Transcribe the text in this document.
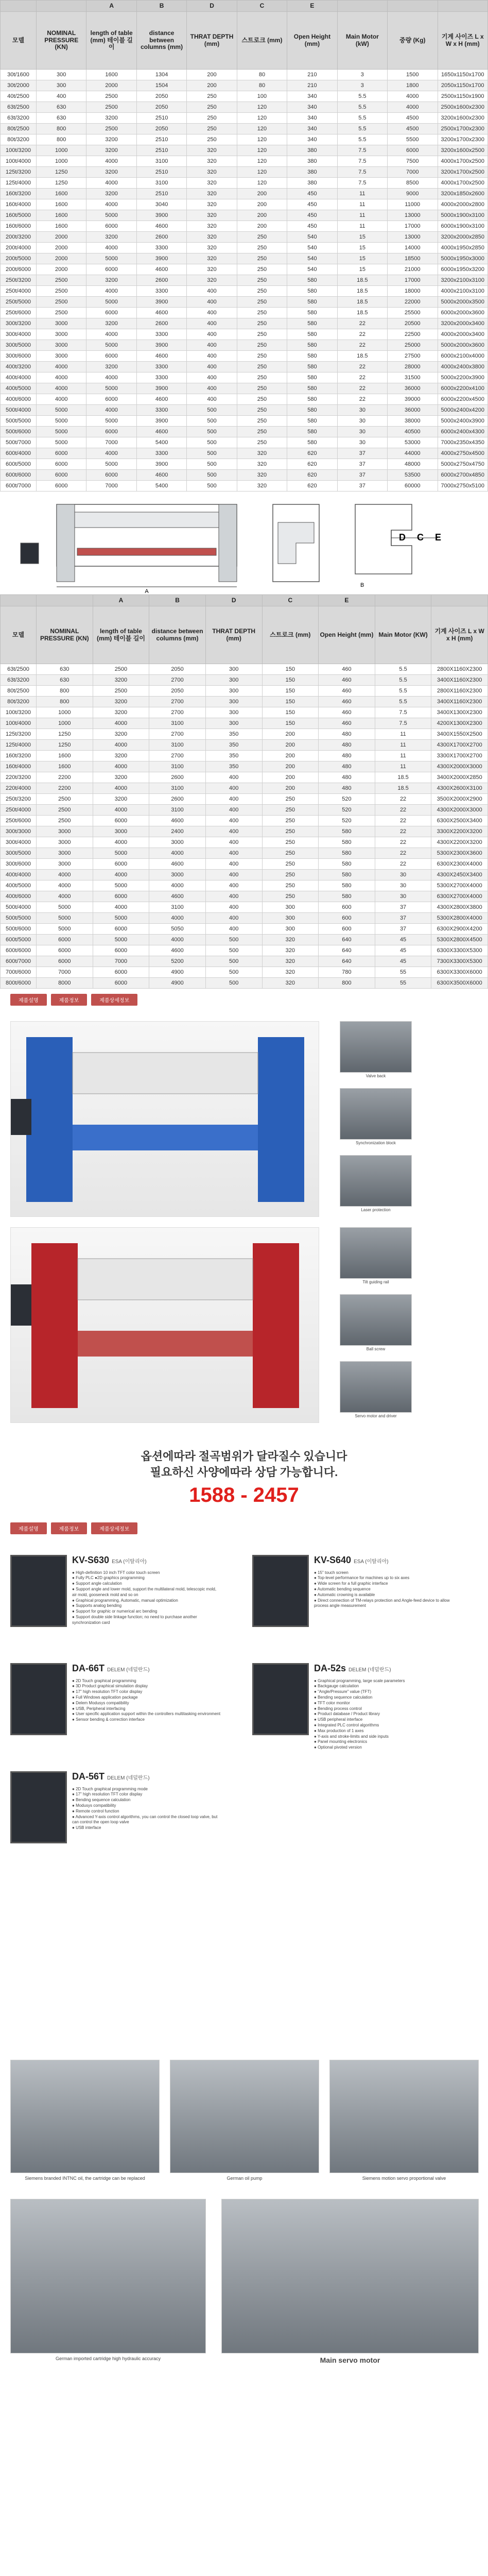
		A	B	D	C	E			
모델	NOMINAL PRESSURE (KN)	length of table (mm) 테이블 길이	distance between columns (mm)	THRAT DEPTH (mm)	스트로크 (mm)	Open Height (mm)	Main Motor (kW)	중량 (Kg)	기계 사이즈 L x W x H (mm)
30t/1600	300	1600	1304	200	80	210	3	1500	1650x1150x1700
30t/2000	300	2000	1504	200	80	210	3	1800	2050x1150x1700
40t/2500	400	2500	2050	250	100	340	5.5	4000	2500x1150x1900
63t/2500	630	2500	2050	250	120	340	5.5	4000	2500x1600x2300
63t/3200	630	3200	2510	250	120	340	5.5	4500	3200x1600x2300
80t/2500	800	2500	2050	250	120	340	5.5	4500	2500x1700x2300
80t/3200	800	3200	2510	250	120	340	5.5	5500	3200x1700x2300
100t/3200	1000	3200	2510	320	120	380	7.5	6000	3200x1600x2500
100t/4000	1000	4000	3100	320	120	380	7.5	7500	4000x1700x2500
125t/3200	1250	3200	2510	320	120	380	7.5	7000	3200x1700x2500
125t/4000	1250	4000	3100	320	120	380	7.5	8500	4000x1700x2500
160t/3200	1600	3200	2510	320	200	450	11	9000	3200x1850x2600
160t/4000	1600	4000	3040	320	200	450	11	11000	4000x2000x2800
160t/5000	1600	5000	3900	320	200	450	11	13000	5000x1900x3100
160t/6000	1600	6000	4600	320	200	450	11	17000	6000x1900x3100
200t/3200	2000	3200	2600	320	250	540	15	13000	3200x2000x2850
200t/4000	2000	4000	3300	320	250	540	15	14000	4000x1950x2850
200t/5000	2000	5000	3900	320	250	540	15	18500	5000x1950x3000
200t/6000	2000	6000	4600	320	250	540	15	21000	6000x1950x3200
250t/3200	2500	3200	2600	320	250	580	18.5	17000	3200x2100x3100
250t/4000	2500	4000	3300	400	250	580	18.5	18000	4000x2100x3100
250t/5000	2500	5000	3900	400	250	580	18.5	22000	5000x2000x3500
250t/6000	2500	6000	4600	400	250	580	18.5	25500	6000x2000x3600
300t/3200	3000	3200	2600	400	250	580	22	20500	3200x2000x3400
300t/4000	3000	4000	3300	400	250	580	22	22500	4000x2000x3400
300t/5000	3000	5000	3900	400	250	580	22	25000	5000x2000x3600
300t/6000	3000	6000	4600	400	250	580	18.5	27500	6000x2100x4000
400t/3200	4000	3200	3300	400	250	580	22	28000	4000x2400x3800
400t/4000	4000	4000	3300	400	250	580	22	31500	5000x2200x3900
400t/5000	4000	5000	3900	400	250	580	22	36000	6000x2200x4100
400t/6000	4000	6000	4600	400	250	580	22	39000	6000x2200x4500
500t/4000	5000	4000	3300	500	250	580	30	36000	5000x2400x4200
500t/5000	5000	5000	3900	500	250	580	30	38000	5000x2400x3900
500t/6000	5000	6000	4600	500	250	580	30	40500	6000x2400x4300
500t/7000	5000	7000	5400	500	250	580	30	53000	7000x2350x4350
600t/4000	6000	4000	3300	500	320	620	37	44000	4000x2750x4500
600t/5000	6000	5000	3900	500	320	620	37	48000	5000x2750x4750
600t/6000	6000	6000	4600	500	320	620	37	53500	6000x2700x4850
600t/7000	6000	7000	5400	500	320	620	37	60000	7000x2750x5100
A
D C E
B
		A	B	D	C	E		
모델	NOMINAL PRESSURE (KN)	length of table (mm) 테이블 길이	distance between columns (mm)	THRAT DEPTH (mm)	스트로크 (mm)	Open Height (mm)	Main Motor (KW)	기계 사이즈 L x W x H (mm)
63t/2500	630	2500	2050	300	150	460	5.5	2800X1160X2300
63t/3200	630	3200	2700	300	150	460	5.5	3400X1160X2300
80t/2500	800	2500	2050	300	150	460	5.5	2800X1160X2300
80t/3200	800	3200	2700	300	150	460	5.5	3400X1160X2300
100t/3200	1000	3200	2700	300	150	460	7.5	3400X1300X2300
100t/4000	1000	4000	3100	300	150	460	7.5	4200X1300X2300
125t/3200	1250	3200	2700	350	200	480	11	3400X1550X2500
125t/4000	1250	4000	3100	350	200	480	11	4300X1700X2700
160t/3200	1600	3200	2700	350	200	480	11	3300X1700X2700
160t/4000	1600	4000	3100	350	200	480	11	4300X2000X3000
220t/3200	2200	3200	2600	400	200	480	18.5	3400X2000X2850
220t/4000	2200	4000	3100	400	200	480	18.5	4300X2600X3100
250t/3200	2500	3200	2600	400	250	520	22	3500X2000X2900
250t/4000	2500	4000	3100	400	250	520	22	4300X2000X3000
250t/6000	2500	6000	4600	400	250	520	22	6300X2500X3400
300t/3000	3000	3000	2400	400	250	580	22	3300X2200X3200
300t/4000	3000	4000	3000	400	250	580	22	4300X2200X3200
300t/5000	3000	5000	4000	400	250	580	22	5300X2300X3600
300t/6000	3000	6000	4600	400	250	580	22	6300X2300X4000
400t/4000	4000	4000	3000	400	250	580	30	4300X2450X3400
400t/5000	4000	5000	4000	400	250	580	30	5300X2700X4000
400t/6000	4000	6000	4600	400	250	580	30	6300X2700X4000
500t/4000	5000	4000	3100	400	300	600	37	4300X2800X3800
500t/5000	5000	5000	4000	400	300	600	37	5300X2800X4000
500t/6000	5000	6000	5050	400	300	600	37	6300X2900X4200
600t/5000	6000	5000	4000	500	320	640	45	5300X2800X4500
600t/6000	6000	6000	4600	500	320	640	45	6300X3300X5300
600t/7000	6000	7000	5200	500	320	640	45	7300X3300X5300
700t/6000	7000	6000	4900	500	320	780	55	6300X3300X6000
800t/6000	8000	6000	4900	500	320	800	55	6300X3500X6000
제품설명	제품정보	제품상세정보
Valve back
Synchronization block
Laser protection
Tilt guiding rail
Ball screw
Servo motor and driver

옵션에따라 절곡범위가 달라질수 있습니다

필요하신 사양에따라 상담 가능합니다.

1588 - 2457
제품설명	제품정보	제품상세정보
KV-S630 ESA (이탈리아)
● High-definition 10 inch TFT color touch screen
● Fully PLC ●2D graphics programming
● Support angle calculation
● Support angle and lower mold, support the multilateral mold, telescopic mold, air mold, gooseneck mold and so on
● Graphical programming, Automatic, manual optimization
● Supports analog bending
● Support for graphic or numerical arc bending
● Support double side linkage function; no need to purchase another synchronization card
KV-S640 ESA (이탈리아)
● 15" touch screen
● Top-level performance for machines up to six axes
● Wide screen for a full graphic interface
● Automatic bending sequence
● Automatic crowning is available
● Direct connection of TM-relays protection and Angle-feed device to allow process angle measurement
DA-66T DELEM (네덜란드)
● 2D Touch graphical programming
● 3D Product graphical simulation display
● 17" high resolution TFT color display
● Full Windows application package
● Delem Modusys compatibility
● USB, Peripheral interfacing
● User specific application support within the controllers multitasking environment
● Sensor bending & correction interface
DA-52s DELEM (네덜란드)
● Graphical programming, large scale parameters
● Backgauge calculation
● "Angle/Pressure" value (TFT)
● Bending sequence calculation
● TFT color monitor
● Bending process control
● Product database / Product library
● USB peripheral interface
● Integrated PLC control algorithms
● Max production of 1 axes
● Y-axis and stroke-limits and side inputs
● Panel mounting electronics
● Optional pivoted version
DA-56T DELEM (네덜란드)
● 2D Touch graphical programming mode
● 17" high resolution TFT color display
● Bending sequence calculation
● Modusys compatibility
● Remote control function
● Advanced Y-axis control algorithms, you can control the closed loop valve, but can control the open loop valve
● USB interface
Siemens branded INTNC oil, the cartridge can be replaced	German oil pump	Siemens motion servo proportional valve
German imported cartridge high hydraulic accuracy	Main servo motor
